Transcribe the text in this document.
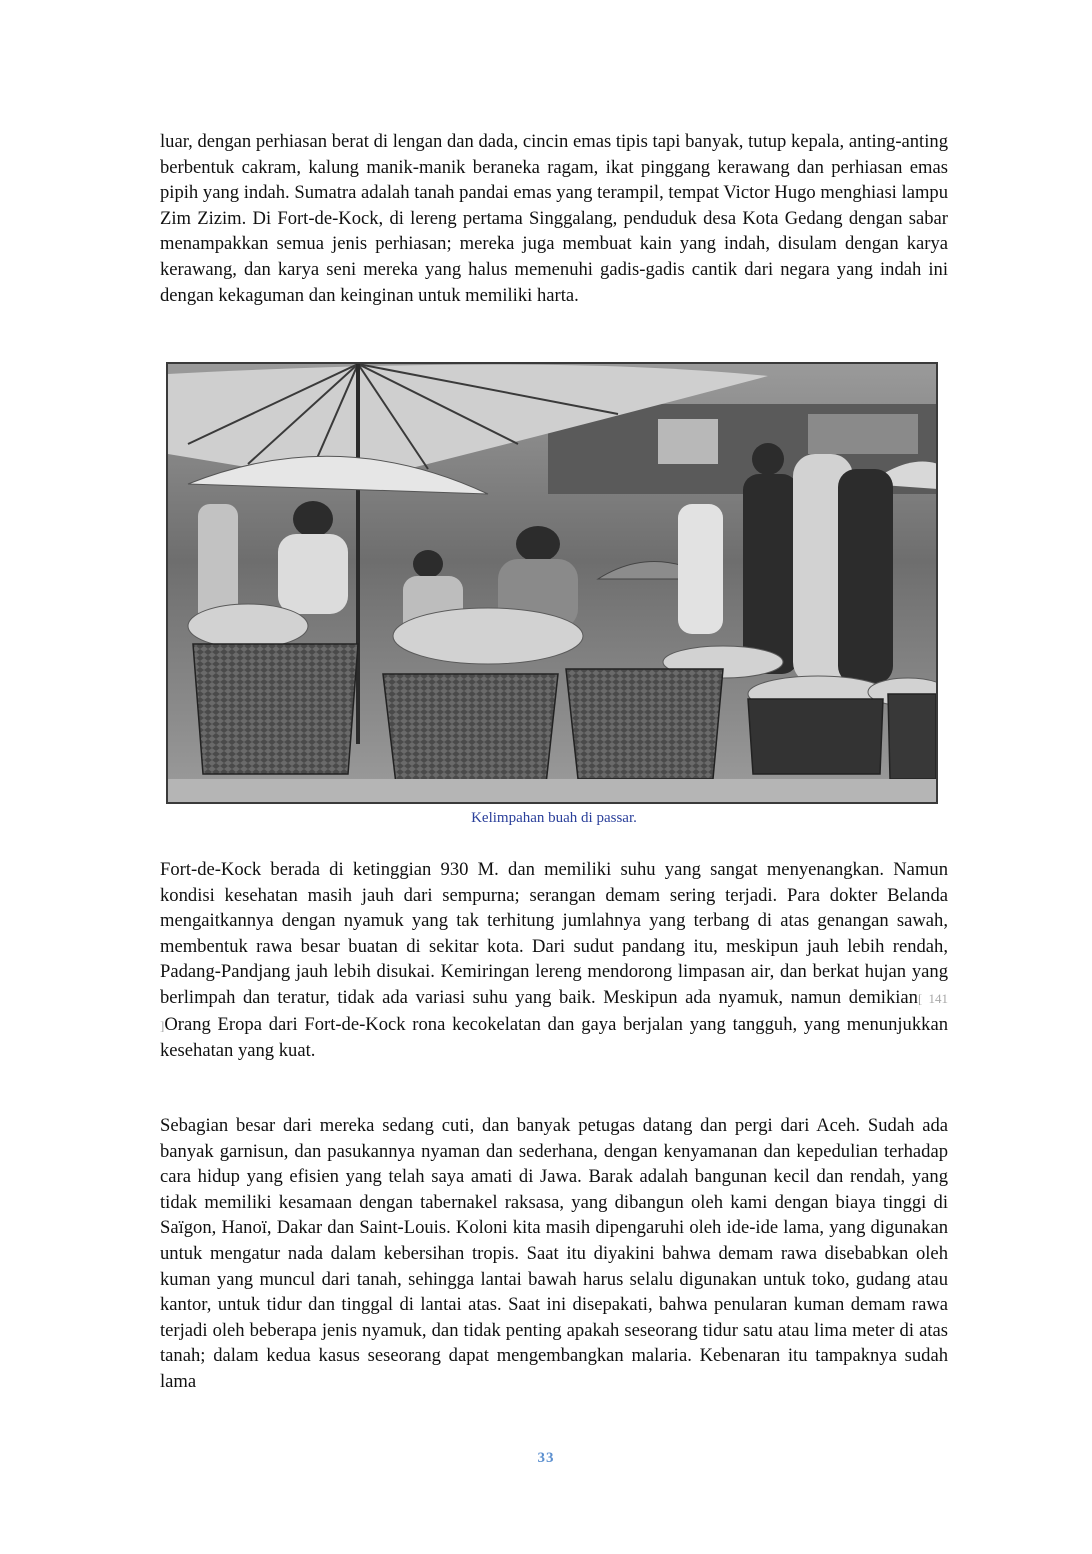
luar, dengan perhiasan berat di lengan dan dada, cincin emas tipis tapi banyak, tutup kepala, anting-anting berbentuk cakram, kalung manik-manik beraneka ragam, ikat pinggang kerawang dan perhiasan emas pipih yang indah. Sumatra adalah tanah pandai emas yang terampil, tempat Victor Hugo menghiasi lampu Zim Zizim. Di Fort-de-Kock, di lereng pertama Singgalang, penduduk desa Kota Gedang dengan sabar menampakkan semua jenis perhiasan; mereka juga membuat kain yang indah, disulam dengan karya kerawang, dan karya seni mereka yang halus memenuhi gadis-gadis cantik dari negara yang indah ini dengan kekaguman dan keinginan untuk memiliki harta.

Kelimpahan buah di passar.

Fort-de-Kock berada di ketinggian 930 M. dan memiliki suhu yang sangat menyenangkan. Namun kondisi kesehatan masih jauh dari sempurna; serangan demam sering terjadi. Para dokter Belanda mengaitkannya dengan nyamuk yang tak terhitung jumlahnya yang terbang di atas genangan sawah, membentuk rawa besar buatan di sekitar kota. Dari sudut pandang itu, meskipun jauh lebih rendah, Padang-Pandjang jauh lebih disukai. Kemiringan lereng mendorong limpasan air, dan berkat hujan yang berlimpah dan teratur, tidak ada variasi suhu yang baik. Meskipun ada nyamuk, namun demikian[ 141 ]Orang Eropa dari Fort-de-Kock rona kecokelatan dan gaya berjalan yang tangguh, yang menunjukkan kesehatan yang kuat.

Sebagian besar dari mereka sedang cuti, dan banyak petugas datang dan pergi dari Aceh. Sudah ada banyak garnisun, dan pasukannya nyaman dan sederhana, dengan kenyamanan dan kepedulian terhadap cara hidup yang efisien yang telah saya amati di Jawa. Barak adalah bangunan kecil dan rendah, yang tidak memiliki kesamaan dengan tabernakel raksasa, yang dibangun oleh kami dengan biaya tinggi di Saïgon, Hanoï, Dakar dan Saint-Louis. Koloni kita masih dipengaruhi oleh ide-ide lama, yang digunakan untuk mengatur nada dalam kebersihan tropis. Saat itu diyakini bahwa demam rawa disebabkan oleh kuman yang muncul dari tanah, sehingga lantai bawah harus selalu digunakan untuk toko, gudang atau kantor, untuk tidur dan tinggal di lantai atas. Saat ini disepakati, bahwa penularan kuman demam rawa terjadi oleh beberapa jenis nyamuk, dan tidak penting apakah seseorang tidur satu atau lima meter di atas tanah; dalam kedua kasus seseorang dapat mengembangkan malaria. Kebenaran itu tampaknya sudah lama

33
